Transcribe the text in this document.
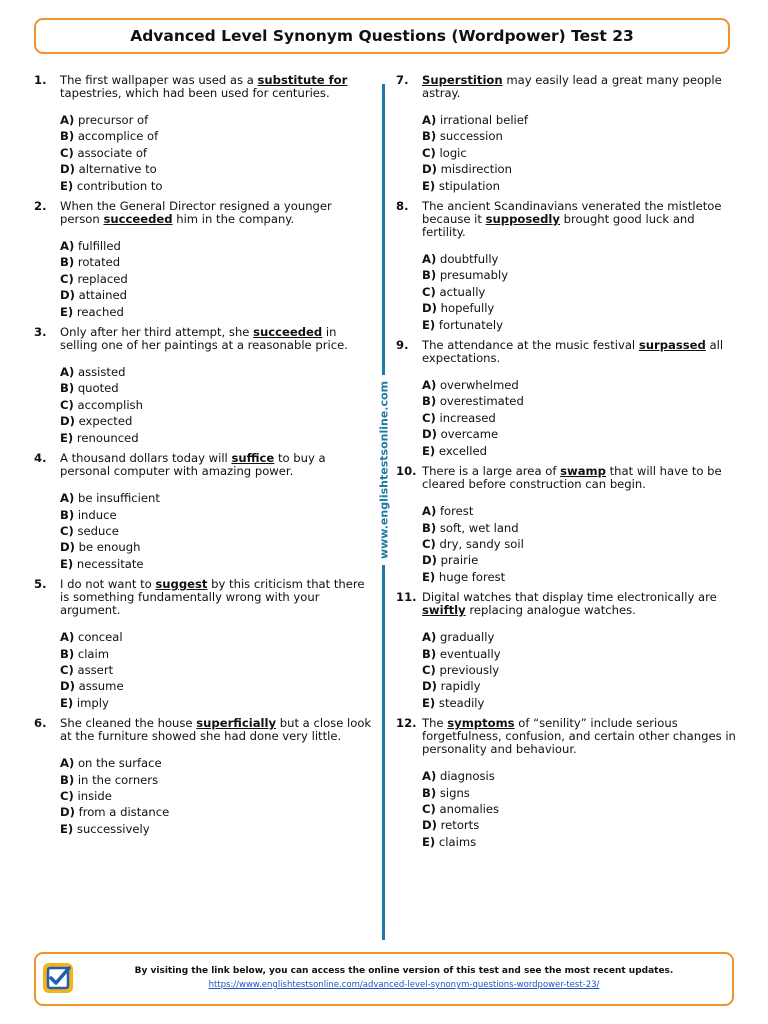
Advanced Level Synonym Questions (Wordpower) Test 23
1.	The first wallpaper was used as a substitute for tapestries, which had been used for centuries.
A) precursor of
B) accomplice of
C) associate of
D) alternative to
E) contribution to
2.	When the General Director resigned a younger person succeeded him in the company.
A) fulfilled
B) rotated
C) replaced
D) attained
E) reached
3.	Only after her third attempt, she succeeded in selling one of her paintings at a reasonable price.
A) assisted
B) quoted
C) accomplish
D) expected
E) renounced
4.	A thousand dollars today will suffice to buy a personal computer with amazing power.
A) be insufficient
B) induce
C) seduce
D) be enough
E) necessitate
5.	I do not want to suggest by this criticism that there is something fundamentally wrong with your argument.
A) conceal
B) claim
C) assert
D) assume
E) imply
6.	She cleaned the house superficially but a close look at the furniture showed she had done very little.
A) on the surface
B) in the corners
C) inside
D) from a distance
E) successively
www.englishtestsonline.com
7.	Superstition may easily lead a great many people astray.
A) irrational belief
B) succession
C) logic
D) misdirection
E) stipulation
8.	The ancient Scandinavians venerated the mistletoe because it supposedly brought good luck and fertility.
A) doubtfully
B) presumably
C) actually
D) hopefully
E) fortunately
9.	The attendance at the music festival surpassed all expectations.
A) overwhelmed
B) overestimated
C) increased
D) overcame
E) excelled
10. There is a large area of swamp that will have to be cleared before construction can begin.
A) forest
B) soft, wet land
C) dry, sandy soil
D) prairie
E) huge forest
11. Digital watches that display time electronically are swiftly replacing analogue watches.
A) gradually
B) eventually
C) previously
D) rapidly
E) steadily
12. The symptoms of “senility” include serious forgetfulness, confusion, and certain other changes in personality and behaviour.
A) diagnosis
B) signs
C) anomalies
D) retorts
E) claims
By visiting the link below, you can access the online version of this test and see the most recent updates.
https://www.englishtestsonline.com/advanced-level-synonym-questions-wordpower-test-23/
